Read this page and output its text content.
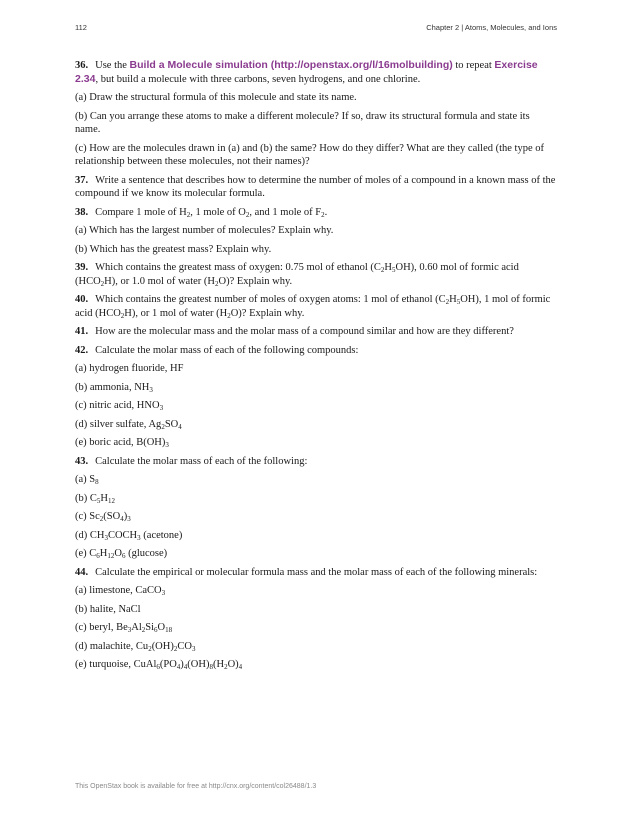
112	Chapter 2 | Atoms, Molecules, and Ions

36. Use the Build a Molecule simulation (http://openstax.org/l/16molbuilding) to repeat Exercise 2.34, but build a molecule with three carbons, seven hydrogens, and one chlorine.

(a) Draw the structural formula of this molecule and state its name.

(b) Can you arrange these atoms to make a different molecule? If so, draw its structural formula and state its name.

(c) How are the molecules drawn in (a) and (b) the same? How do they differ? What are they called (the type of relationship between these molecules, not their names)?

37. Write a sentence that describes how to determine the number of moles of a compound in a known mass of the compound if we know its molecular formula.

38. Compare 1 mole of $H_2$, 1 mole of $O_2$, and 1 mole of $F_2$.

(a) Which has the largest number of molecules? Explain why.

(b) Which has the greatest mass? Explain why.

39. Which contains the greatest mass of oxygen: 0.75 mol of ethanol $(C_2H_5OH)$, 0.60 mol of formic acid $(HCO_2H)$, or 1.0 mol of water $(H_2O)$? Explain why.

40. Which contains the greatest number of moles of oxygen atoms: 1 mol of ethanol $(C_2H_5OH)$, 1 mol of formic acid $(HCO_2H)$, or 1 mol of water $(H_2O)$? Explain why.

41. How are the molecular mass and the molar mass of a compound similar and how are they different?

42. Calculate the molar mass of each of the following compounds:

(a) hydrogen fluoride, HF

(b) ammonia, $NH_3$

(c) nitric acid, $HNO_3$

(d) silver sulfate, $Ag_2SO_4$

(e) boric acid, $B(OH)_3$

43. Calculate the molar mass of each of the following:

(a) $S_8$

(b) $C_5H_{12}$

(c) $Sc_2(SO_4)_3$

(d) $CH_3COCH_3$ (acetone)

(e) $C_6H_{12}O_6$ (glucose)

44. Calculate the empirical or molecular formula mass and the molar mass of each of the following minerals:

(a) limestone, CaCO$_3$

(b) halite, NaCl

(c) beryl, $Be_3Al_2Si_6O_{18}$

(d) malachite, $Cu_2(OH)_2CO_3$

(e) turquoise, $CuAl_6(PO_4)_4(OH)_8(H_2O)_4$

This OpenStax book is available for free at http://cnx.org/content/col26488/1.3
